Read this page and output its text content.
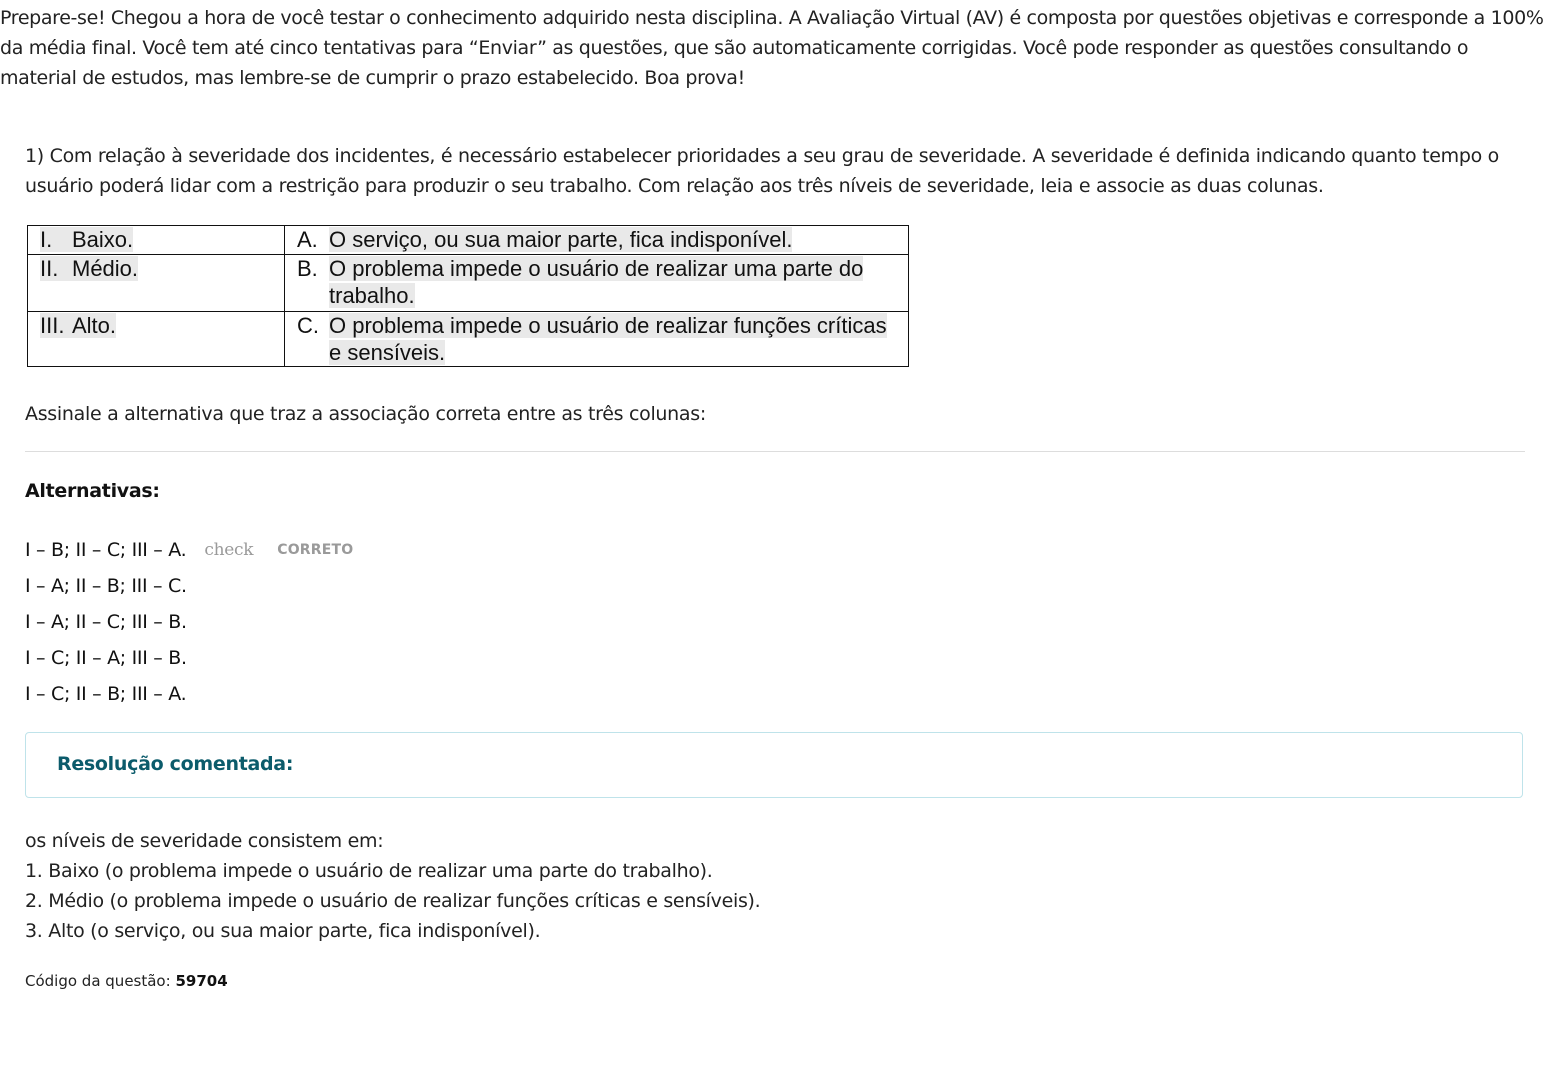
Prepare-se! Chegou a hora de você testar o conhecimento adquirido nesta disciplina. A Avaliação Virtual (AV) é composta por questões objetivas e corresponde a 100% da média final. Você tem até cinco tentativas para “Enviar” as questões, que são automaticamente corrigidas. Você pode responder as questões consultando o material de estudos, mas lembre-se de cumprir o prazo estabelecido. Boa prova!

1) Com relação à severidade dos incidentes, é necessário estabelecer prioridades a seu grau de severidade. A severidade é definida indicando quanto tempo o usuário poderá lidar com a restrição para produzir o seu trabalho. Com relação aos três níveis de severidade, leia e associe as duas colunas.

I. Baixo.	A. O serviço, ou sua maior parte, fica indisponível.

II. Médio.	B. O problema impede o usuário de realizar uma parte do trabalho.

III. Alto.	C. O problema impede o usuário de realizar funções críticas e sensíveis.

Assinale a alternativa que traz a associação correta entre as três colunas:

Alternativas:
I – B; II – C; III – A. check CORRETO
I – A; II – B; III – C.
I – A; II – C; III – B.
I – C; II – A; III – B.
I – C; II – B; III – A.
Resolução comentada:
os níveis de severidade consistem em:
1. Baixo (o problema impede o usuário de realizar uma parte do trabalho).
2. Médio (o problema impede o usuário de realizar funções críticas e sensíveis).
3. Alto (o serviço, ou sua maior parte, fica indisponível).
Código da questão: 59704
